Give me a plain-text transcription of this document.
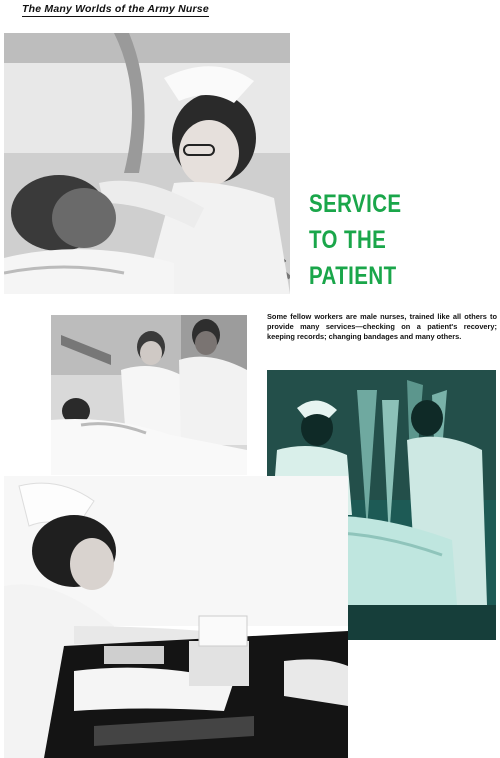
The Many Worlds of the Army Nurse
SERVICE
TO THE
PATIENT
Some fellow workers are male nurses, trained like all others to provide many services—checking on a patient's recovery; keeping records; changing bandages and many others.
